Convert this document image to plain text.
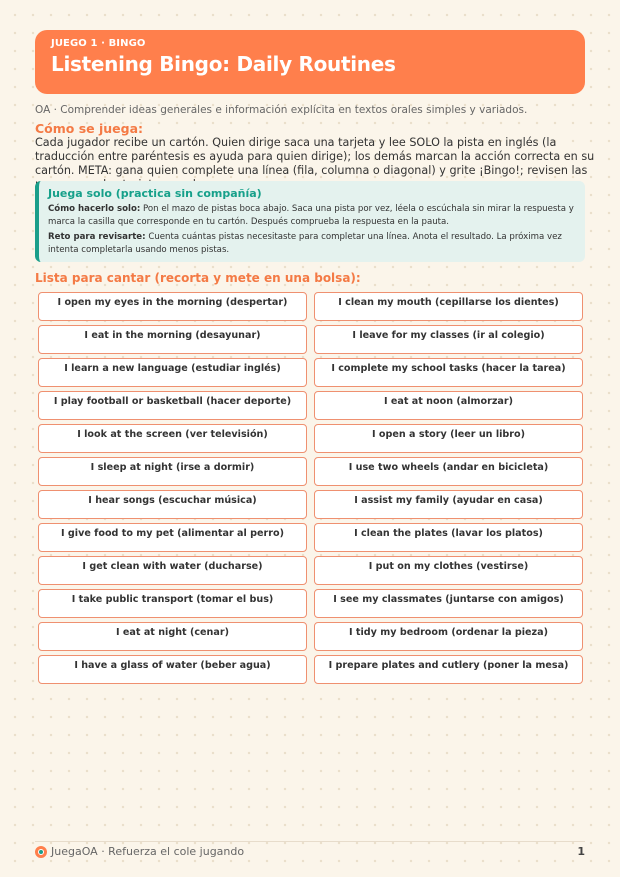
JUEGO 1 · BINGO
Listening Bingo: Daily Routines
OA · Comprender ideas generales e información explícita en textos orales simples y variados.
Cómo se juega:
Cada jugador recibe un cartón. Quien dirige saca una tarjeta y lee SOLO la pista en inglés (la traducción entre paréntesis es ayuda para quien dirige); los demás marcan la acción correcta en su cartón. META: gana quien complete una línea (fila, columna o diagonal) y grite ¡Bingo!; revisen las
Juega solo (practica sin compañía)

Cómo hacerlo solo: Pon el mazo de pistas boca abajo. Saca una pista por vez, léela o escúchala sin mirar la respuesta y marca la casilla que corresponde en tu cartón. Después comprueba la respuesta en la pauta.

Reto para revisarte: Cuenta cuántas pistas necesitaste para completar una línea. Anota el resultado. La próxima vez intenta completarla usando menos pistas.

Lista para cantar (recorta y mete en una bolsa):
I open my eyes in the morning (despertar)	I clean my mouth (cepillarse los dientes)
I eat in the morning (desayunar)	I leave for my classes (ir al colegio)
I learn a new language (estudiar inglés)	I complete my school tasks (hacer la tarea)
I play football or basketball (hacer deporte)	I eat at noon (almorzar)
I look at the screen (ver televisión)	I open a story (leer un libro)
I sleep at night (irse a dormir)	I use two wheels (andar en bicicleta)
I hear songs (escuchar música)	I assist my family (ayudar en casa)
I give food to my pet (alimentar al perro)	I clean the plates (lavar los platos)
I get clean with water (ducharse)	I put on my clothes (vestirse)
I take public transport (tomar el bus)	I see my classmates (juntarse con amigos)
I eat at night (cenar)	I tidy my bedroom (ordenar la pieza)
I have a glass of water (beber agua)	I prepare plates and cutlery (poner la mesa)
JuegaOA · Refuerza el cole jugando	1
